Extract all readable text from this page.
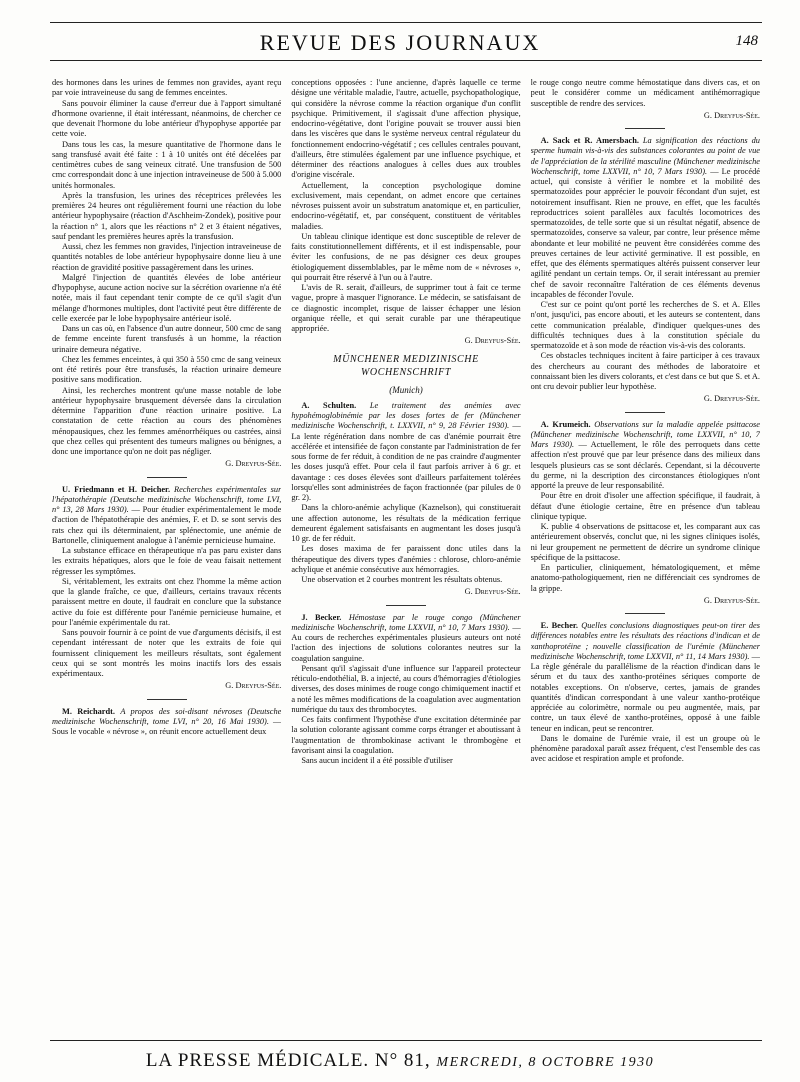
REVUE DES JOURNAUX	148

des hormones dans les urines de femmes non gravides, ayant reçu par voie intraveineuse du sang de femmes enceintes.

Sans pouvoir éliminer la cause d'erreur due à l'apport simultané d'hormone ovarienne, il était intéressant, néanmoins, de chercher ce que devenait l'hormone du lobe antérieur d'hypophyse apportée par cette voie.

Dans tous les cas, la mesure quantitative de l'hormone dans le sang transfusé avait été faite : 1 à 10 unités ont été décelées par centimètres cubes de sang veineux citraté. Une transfusion de 500 cmc correspondait donc à une injection intraveineuse de 500 à 5.000 unités hormonales.

Après la transfusion, les urines des réceptrices prélevées les premières 24 heures ont régulièrement fourni une réaction du lobe antérieur hypophysaire (réaction d'Aschheim-Zondek), positive pour la réaction n° 1, alors que les réactions n° 2 et 3 étaient négatives, sauf pendant les premières heures après la transfusion.

Aussi, chez les femmes non gravides, l'injection intraveineuse de quantités notables de lobe antérieur hypophysaire donne lieu à une réaction de gravidité positive passagèrement dans les urines.

Malgré l'injection de quantités élevées de lobe antérieur d'hypophyse, aucune action nocive sur la sécrétion ovarienne n'a été notée, mais il faut cependant tenir compte de ce qu'il s'agit d'un mélange d'hormones multiples, dont l'activité peut être différente de celle exercée par le lobe hypophysaire antérieur isolé.

Dans un cas où, en l'absence d'un autre donneur, 500 cmc de sang de femme enceinte furent transfusés à un homme, la réaction urinaire demeura négative.

Chez les femmes enceintes, à qui 350 à 550 cmc de sang veineux ont été retirés pour être transfusés, la réaction urinaire demeure positive sans modification.

Ainsi, les recherches montrent qu'une masse notable de lobe antérieur hypophysaire brusquement déversée dans la circulation détermine l'apparition d'une réaction urinaire positive. La constatation de cette réaction au cours des phénomènes ménopausiques, chez les femmes aménorrhéiques ou castrées, ainsi que chez celles qui présentent des tumeurs malignes ou bénignes, a donc une importance qu'on ne doit pas négliger.

G. Dreyfus-Sée.

U. Friedmann et H. Deicher. Recherches expérimentales sur l'hépatothérapie (Deutsche medizinische Wochenschrift, tome LVI, n° 13, 28 Mars 1930). — Pour étudier expérimentalement le mode d'action de l'hépatothérapie des anémies, F. et D. se sont servis des rats chez qui ils déterminaient, par splénectomie, une anémie de Bartonelle, cliniquement analogue à l'anémie pernicieuse humaine.

La substance efficace en thérapeutique n'a pas paru exister dans les extraits hépatiques, alors que le foie de veau faisait nettement régresser les symptômes.

Si, véritablement, les extraits ont chez l'homme la même action que la glande fraîche, ce que, d'ailleurs, certains travaux récents paraissent mettre en doute, il faudrait en conclure que la substance active du foie est différente pour l'anémie pernicieuse humaine, et pour l'anémie expérimentale du rat.

Sans pouvoir fournir à ce point de vue d'arguments décisifs, il est cependant intéressant de noter que les extraits de foie qui fournissent cliniquement les meilleurs résultats, sont également ceux qui se sont montrés les moins inactifs lors des essais expérimentaux.

G. Dreyfus-Sée.

M. Reichardt. A propos des soi-disant névroses (Deutsche medizinische Wochenschrift, tome LVI, n° 20, 16 Mai 1930). — Sous le vocable « névrose », on réunit encore actuellement deux

conceptions opposées : l'une ancienne, d'après laquelle ce terme désigne une véritable maladie, l'autre, actuelle, psychopathologique, qui considère la névrose comme la réaction organique d'un conflit psychique. Primitivement, il s'agissait d'une affection physique, endocrino-végétative, dont l'origine pouvait se trouver aussi bien dans les viscères que dans le système nerveux central régulateur du fonctionnement endocrino-végétatif ; ces cellules centrales pouvant, d'ailleurs, être stimulées également par une influence psychique, et déterminer des réactions analogues à celles dues aux troubles d'origine viscérale.

Actuellement, la conception psychologique domine exclusivement, mais cependant, on admet encore que certaines névroses puissent avoir un substratum anatomique et, en particulier, endocrino-végétatif, et, par conséquent, constituent de véritables maladies.

Un tableau clinique identique est donc susceptible de relever de faits constitutionnellement différents, et il est indispensable, pour éviter les confusions, de ne pas désigner ces deux groupes étiologiquement dissemblables, par le même nom de « névroses », qui pourrait être réservé à l'un ou à l'autre.

L'avis de R. serait, d'ailleurs, de supprimer tout à fait ce terme vague, propre à masquer l'ignorance. Le médecin, se satisfaisant de ce diagnostic incomplet, risque de laisser échapper une lésion organique réelle, et qui serait curable par une thérapeutique appropriée.

G. Dreyfus-Sée.
MÜNCHENER MEDIZINISCHE WOCHENSCHRIFT
(Munich)

A. Schulten. Le traitement des anémies avec hypohémoglobinémie par les doses fortes de fer (Münchener medizinische Wochenschrift, t. LXXVII, n° 9, 28 Février 1930). — La lente régénération dans nombre de cas d'anémie pourrait être accélérée et intensifiée de façon constante par l'administration de fer sous forme de fer réduit, à condition de ne pas craindre d'augmenter les doses jusqu'à effet. Pour cela il faut parfois arriver à 6 gr. et davantage : ces doses élevées sont d'ailleurs parfaitement tolérées lorsqu'elles sont administrées de façon fractionnée (par pilules de 0 gr. 2).

Dans la chloro-anémie achylique (Kaznelson), qui constituerait une affection autonome, les résultats de la médication ferrique demeurent également satisfaisants en augmentant les doses jusqu'à 10 gr. de fer réduit.

Les doses maxima de fer paraissent donc utiles dans la thérapeutique des divers types d'anémies : chlorose, chloro-anémie achylique et anémie consécutive aux hémorragies.

Une observation et 2 courbes montrent les résultats obtenus.

G. Dreyfus-Sée.

J. Becker. Hémostase par le rouge congo (Münchener medizinische Wochenschrift, tome LXXVII, n° 10, 7 Mars 1930). — Au cours de recherches expérimentales plusieurs auteurs ont noté l'action des injections de solutions colorantes neutres sur la coagulation sanguine.

Pensant qu'il s'agissait d'une influence sur l'appareil protecteur réticulo-endothélial, B. a injecté, au cours d'hémorragies d'étiologies diverses, des doses minimes de rouge congo chimiquement inactif et a noté les mêmes modifications de la coagulation avec augmentation numérique du taux des thrombocytes.

Ces faits confirment l'hypothèse d'une excitation déterminée par la solution colorante agissant comme corps étranger et aboutissant à l'augmentation de thrombokinase activant le thrombogène et favorisant ainsi la coagulation.

Sans aucun incident il a été possible d'utiliser

le rouge congo neutre comme hémostatique dans divers cas, et on peut le considérer comme un médicament antihémorragique susceptible de rendre des services.

G. Dreyfus-Sée.

A. Sack et R. Amersbach. La signification des réactions du sperme humain vis-à-vis des substances colorantes au point de vue de l'appréciation de la stérilité masculine (Münchener medizinische Wochenschrift, tome LXXVII, n° 10, 7 Mars 1930). — Le procédé actuel, qui consiste à vérifier le nombre et la mobilité des spermatozoïdes pour apprécier le pouvoir fécondant d'un sujet, est notoirement insuffisant. Rien ne prouve, en effet, que les facultés reproductrices soient parallèles aux facultés locomotrices des spermatozoïdes, de telle sorte que si un résultat négatif, absence de spermatozoïdes, conserve sa valeur, par contre, leur présence même abondante et leur mobilité ne peuvent être considérées comme des preuves certaines de leur activité germinative. Il est possible, en effet, que des éléments spermatiques altérés puissent conserver leur agilité pendant un certain temps. Or, il serait intéressant au premier chef de savoir reconnaître l'altération de ces éléments devenus incapables de féconder l'ovule.

C'est sur ce point qu'ont porté les recherches de S. et A. Elles n'ont, jusqu'ici, pas encore abouti, et les auteurs se contentent, dans cette communication préalable, d'indiquer quelques-unes des difficultés techniques dues à la constitution spéciale du spermatozoïde et à son mode de réaction vis-à-vis des colorants.

Ces obstacles techniques incitent à faire participer à ces travaux des chercheurs au courant des méthodes de laboratoire et connaissant bien les divers colorants, et c'est dans ce but que S. et A. ont cru devoir publier leur hypothèse.

G. Dreyfus-Sée.

A. Krumeich. Observations sur la maladie appelée psittacose (Münchener medizinische Wochenschrift, tome LXXVII, n° 10, 7 Mars 1930). — Actuellement, le rôle des perroquets dans cette affection n'est prouvé que par leur présence dans des milieux dans lesquels plusieurs cas se sont déclarés. Cependant, si la découverte du germe, ni la description des circonstances étiologiques n'ont apporté la preuve de leur responsabilité.

Pour être en droit d'isoler une affection spécifique, il faudrait, à défaut d'une étiologie certaine, être en présence d'un tableau clinique typique.

K. publie 4 observations de psittacose et, les comparant aux cas antérieurement observés, conclut que, ni les signes cliniques isolés, ni leur groupement ne permettent de décrire un syndrome clinique spécifique de la psittacose.

En particulier, cliniquement, hématologiquement, et même anatomo-pathologiquement, rien ne différenciait ces syndromes de la grippe.

G. Dreyfus-Sée.

E. Becher. Quelles conclusions diagnostiques peut-on tirer des différences notables entre les résultats des réactions d'indican et de xanthoprotéine ; nouvelle classification de l'urémie (Münchener medizinische Wochenschrift, tome LXXVII, n° 11, 14 Mars 1930). — La règle générale du parallélisme de la réaction d'indican dans le sérum et du taux des xantho-protéines sériques comporte de notables exceptions. On n'observe, certes, jamais de grandes quantités d'indican correspondant à une valeur xantho-protéique appréciée au colorimètre, normale ou peu augmentée, mais, par contre, un taux élevé de xantho-protéines, opposé à une faible teneur en indican, peut se rencontrer.

Dans le domaine de l'urémie vraie, il est un groupe où le phénomène paradoxal paraît assez fréquent, c'est l'ensemble des cas avec acidose et respiration ample et profonde.

LA PRESSE MÉDICALE. N° 81, MERCREDI, 8 OCTOBRE 1930
